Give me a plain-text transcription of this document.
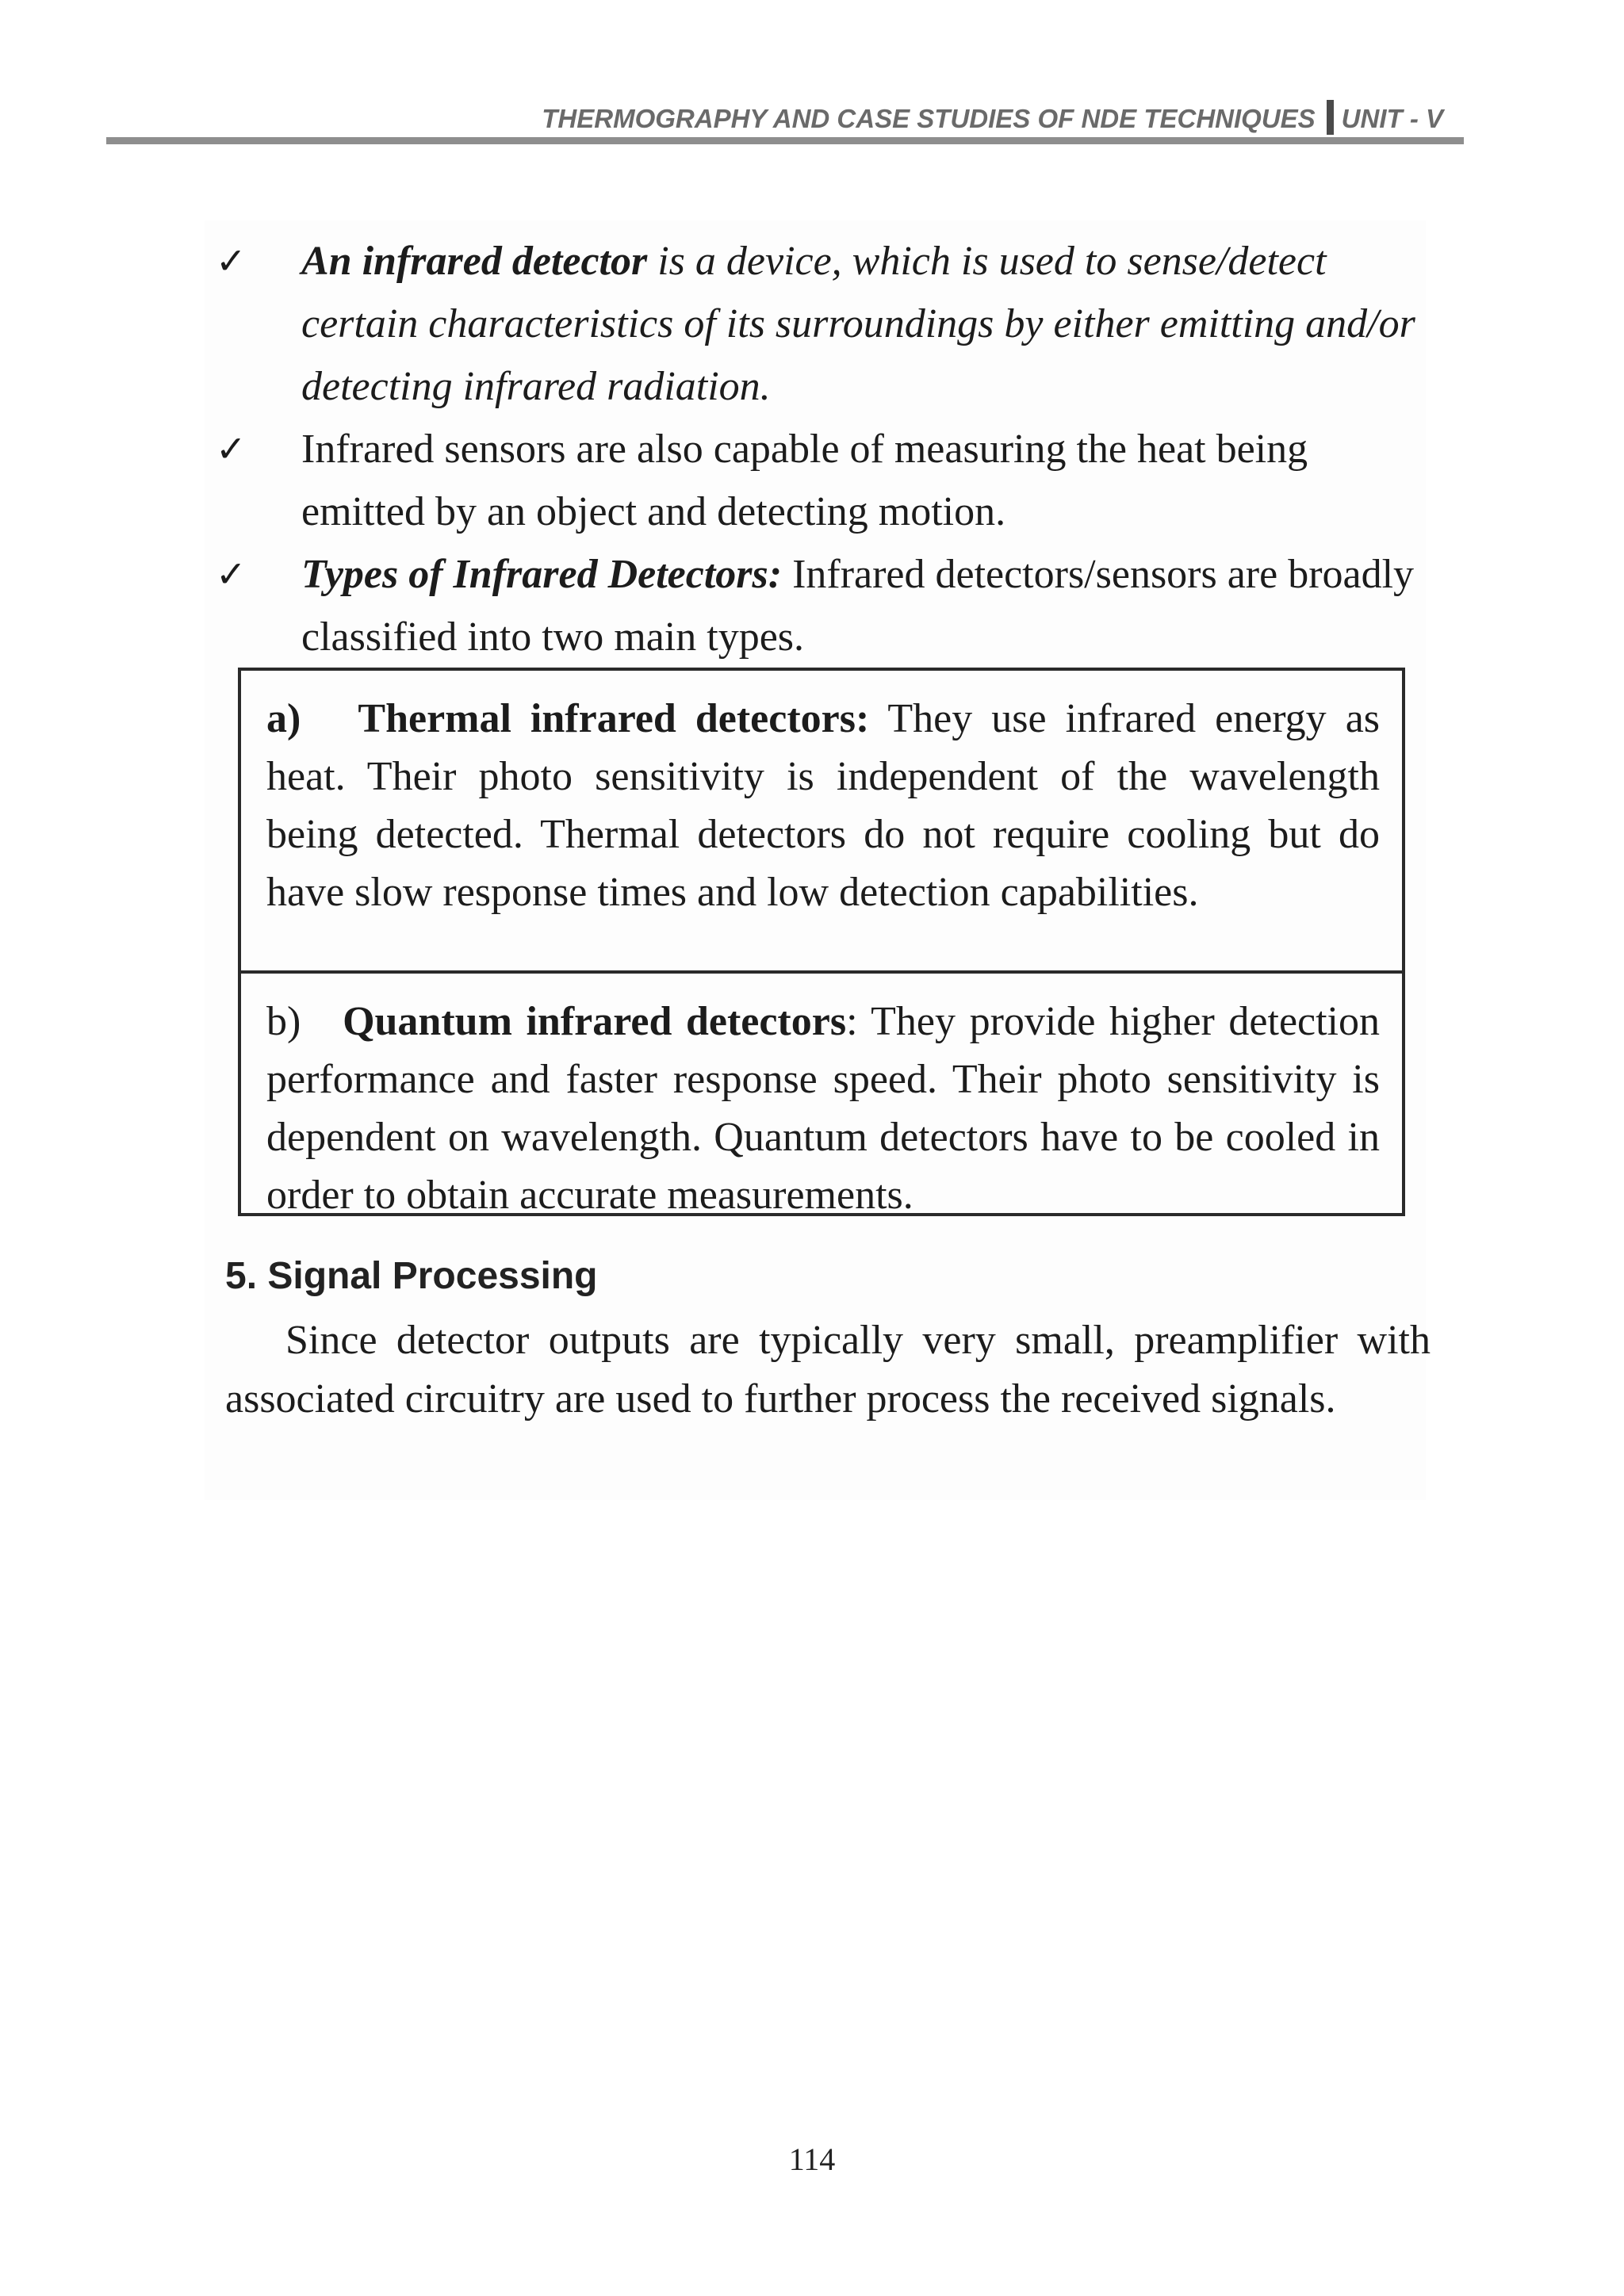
THERMOGRAPHY AND CASE STUDIES OF NDE TECHNIQUES UNIT - V
✓ An infrared detector is a device, which is used to sense/detect certain characteristics of its surroundings by either emitting and/or detecting infrared radiation.
✓ Infrared sensors are also capable of measuring the heat being emitted by an object and detecting motion.
✓ Types of Infrared Detectors: Infrared detectors/sensors are broadly classified into two main types.
a) Thermal infrared detectors: They use infrared energy as heat. Their photo sensitivity is independent of the wavelength being detected. Thermal detectors do not require cooling but do have slow response times and low detection capabilities.
b) Quantum infrared detectors: They provide higher detection performance and faster response speed. Their photo sensitivity is dependent on wavelength. Quantum detectors have to be cooled in order to obtain accurate measurements.
5. Signal Processing
Since detector outputs are typically very small, preamplifier with associated circuitry are used to further process the received signals.
114
